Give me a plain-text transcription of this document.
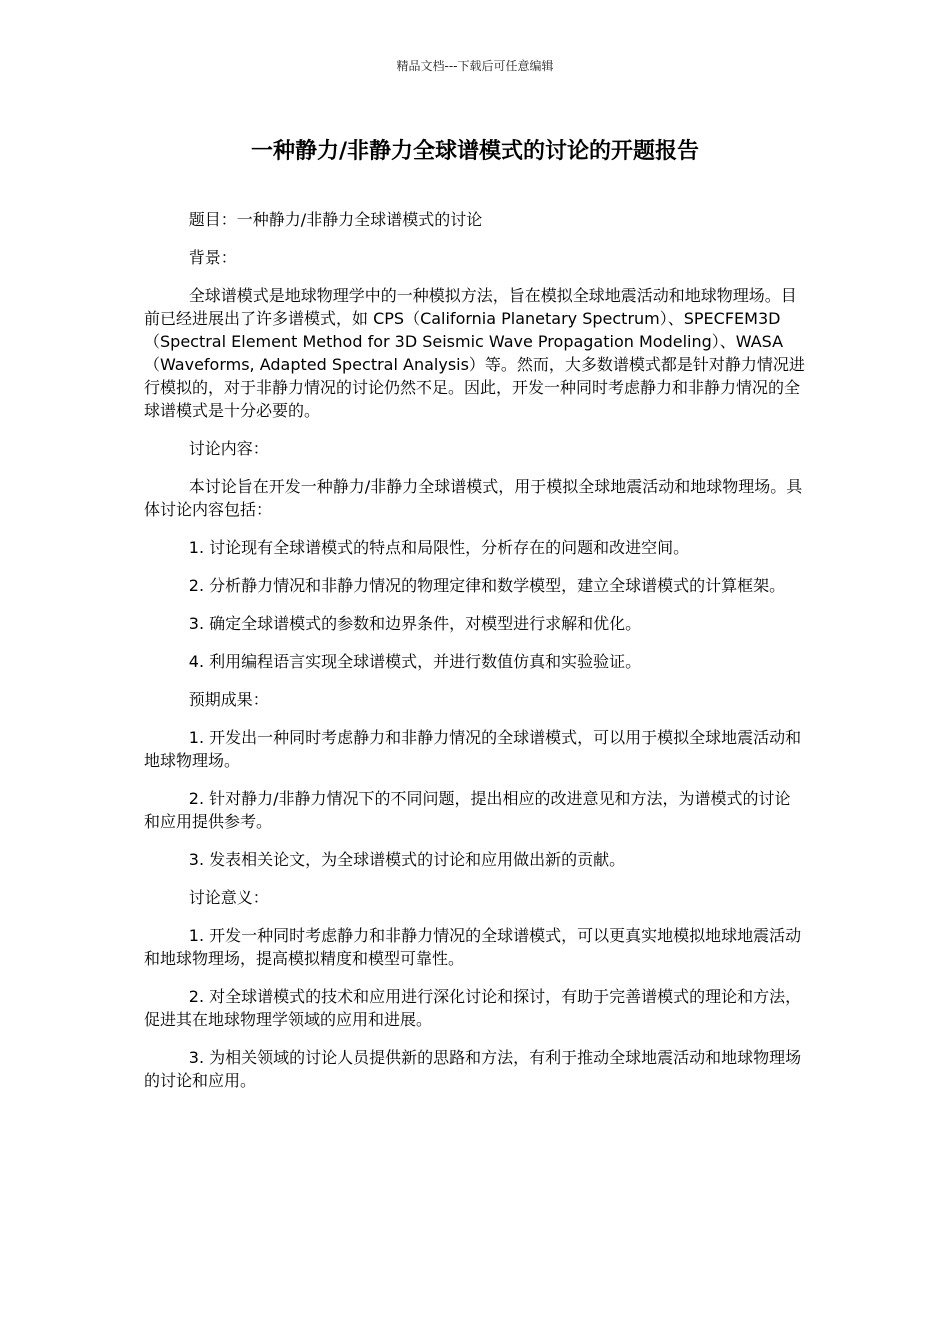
精品文档---下载后可任意编辑
一种静力/非静力全球谱模式的讨论的开题报告

题目：一种静力/非静力全球谱模式的讨论

背景：

全球谱模式是地球物理学中的一种模拟方法，旨在模拟全球地震活动和地球物理场。目前已经进展出了许多谱模式，如 CPS（California Planetary Spectrum）、SPECFEM3D（Spectral Element Method for 3D Seismic Wave Propagation Modeling）、WASA（Waveforms, Adapted Spectral Analysis）等。然而，大多数谱模式都是针对静力情况进行模拟的，对于非静力情况的讨论仍然不足。因此，开发一种同时考虑静力和非静力情况的全球谱模式是十分必要的。

讨论内容：

本讨论旨在开发一种静力/非静力全球谱模式，用于模拟全球地震活动和地球物理场。具体讨论内容包括：

1. 讨论现有全球谱模式的特点和局限性，分析存在的问题和改进空间。

2. 分析静力情况和非静力情况的物理定律和数学模型，建立全球谱模式的计算框架。

3. 确定全球谱模式的参数和边界条件，对模型进行求解和优化。

4. 利用编程语言实现全球谱模式，并进行数值仿真和实验验证。

预期成果：

1. 开发出一种同时考虑静力和非静力情况的全球谱模式，可以用于模拟全球地震活动和地球物理场。

2. 针对静力/非静力情况下的不同问题，提出相应的改进意见和方法，为谱模式的讨论和应用提供参考。

3. 发表相关论文，为全球谱模式的讨论和应用做出新的贡献。

讨论意义：

1. 开发一种同时考虑静力和非静力情况的全球谱模式，可以更真实地模拟地球地震活动和地球物理场，提高模拟精度和模型可靠性。

2. 对全球谱模式的技术和应用进行深化讨论和探讨，有助于完善谱模式的理论和方法，促进其在地球物理学领域的应用和进展。

3. 为相关领域的讨论人员提供新的思路和方法，有利于推动全球地震活动和地球物理场的讨论和应用。
